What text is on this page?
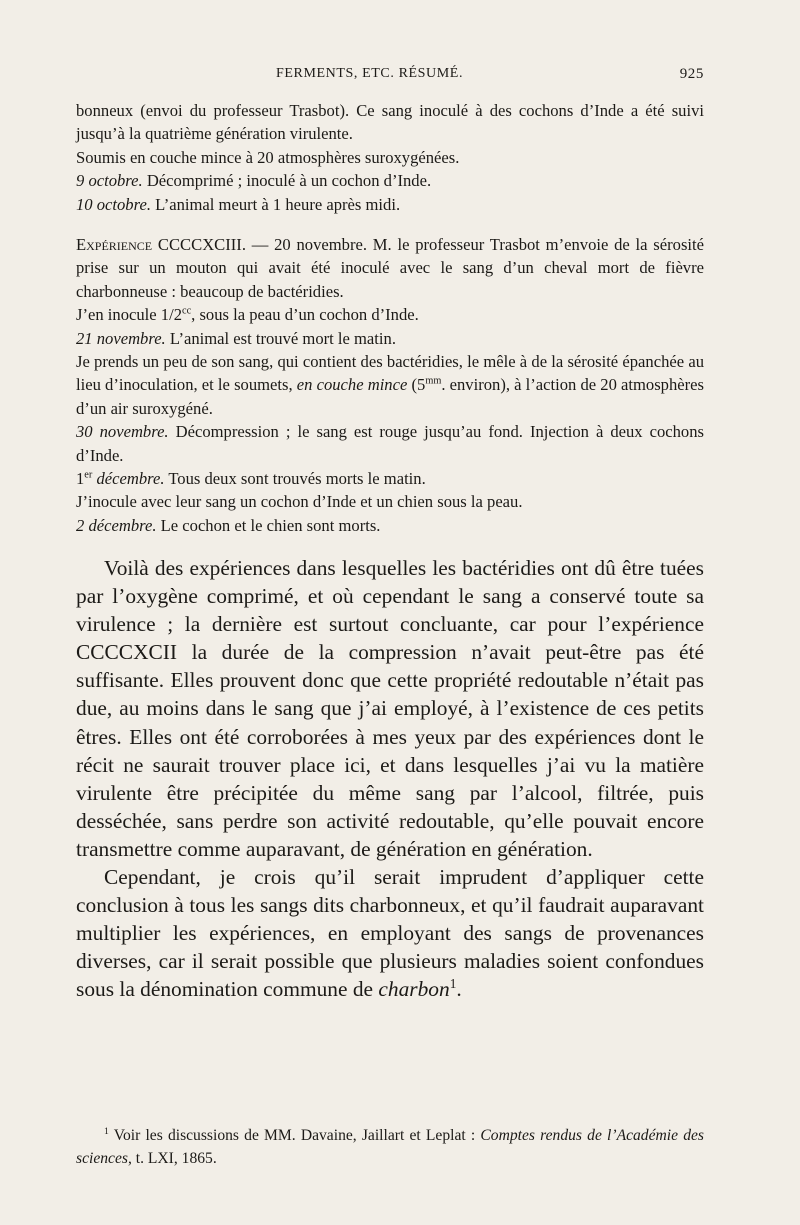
FERMENTS, ETC. RÉSUMÉ.	925

bonneux (envoi du professeur Trasbot). Ce sang inoculé à des cochons d’Inde a été suivi jusqu’à la quatrième génération virulente.

Soumis en couche mince à 20 atmosphères suroxygénées.

9 octobre. Décomprimé ; inoculé à un cochon d’Inde.

10 octobre. L’animal meurt à 1 heure après midi.

Expérience CCCCXCIII. — 20 novembre. M. le professeur Trasbot m’envoie de la sérosité prise sur un mouton qui avait été inoculé avec le sang d’un cheval mort de fièvre charbonneuse : beaucoup de bactéridies.

J’en inocule $1/2^{cc}$, sous la peau d’un cochon d’Inde.

21 novembre. L’animal est trouvé mort le matin.

Je prends un peu de son sang, qui contient des bactéridies, le mêle à de la sérosité épanchée au lieu d’inoculation, et le soumets, en couche mince ($5^{mm}$. environ), à l’action de 20 atmosphères d’un air suroxygéné.

30 novembre. Décompression ; le sang est rouge jusqu’au fond. Injection à deux cochons d’Inde.

1er décembre. Tous deux sont trouvés morts le matin.

J’inocule avec leur sang un cochon d’Inde et un chien sous la peau.

2 décembre. Le cochon et le chien sont morts.

Voilà des expériences dans lesquelles les bactéridies ont dû être tuées par l’oxygène comprimé, et où cependant le sang a conservé toute sa virulence ; la dernière est surtout concluante, car pour l’expérience CCCCXCII la durée de la compression n’avait peut-être pas été suffisante. Elles prouvent donc que cette propriété redoutable n’était pas due, au moins dans le sang que j’ai employé, à l’existence de ces petits êtres. Elles ont été corroborées à mes yeux par des expériences dont le récit ne saurait trouver place ici, et dans lesquelles j’ai vu la matière virulente être précipitée du même sang par l’alcool, filtrée, puis desséchée, sans perdre son activité redoutable, qu’elle pouvait encore transmettre comme auparavant, de génération en génération.

Cependant, je crois qu’il serait imprudent d’appliquer cette conclusion à tous les sangs dits charbonneux, et qu’il faudrait auparavant multiplier les expériences, en employant des sangs de provenances diverses, car il serait possible que plusieurs maladies soient confondues sous la dénomination commune de charbon$^1$.

$^1$ Voir les discussions de MM. Davaine, Jaillart et Leplat : Comptes rendus de l’Académie des sciences, t. LXI, 1865.
